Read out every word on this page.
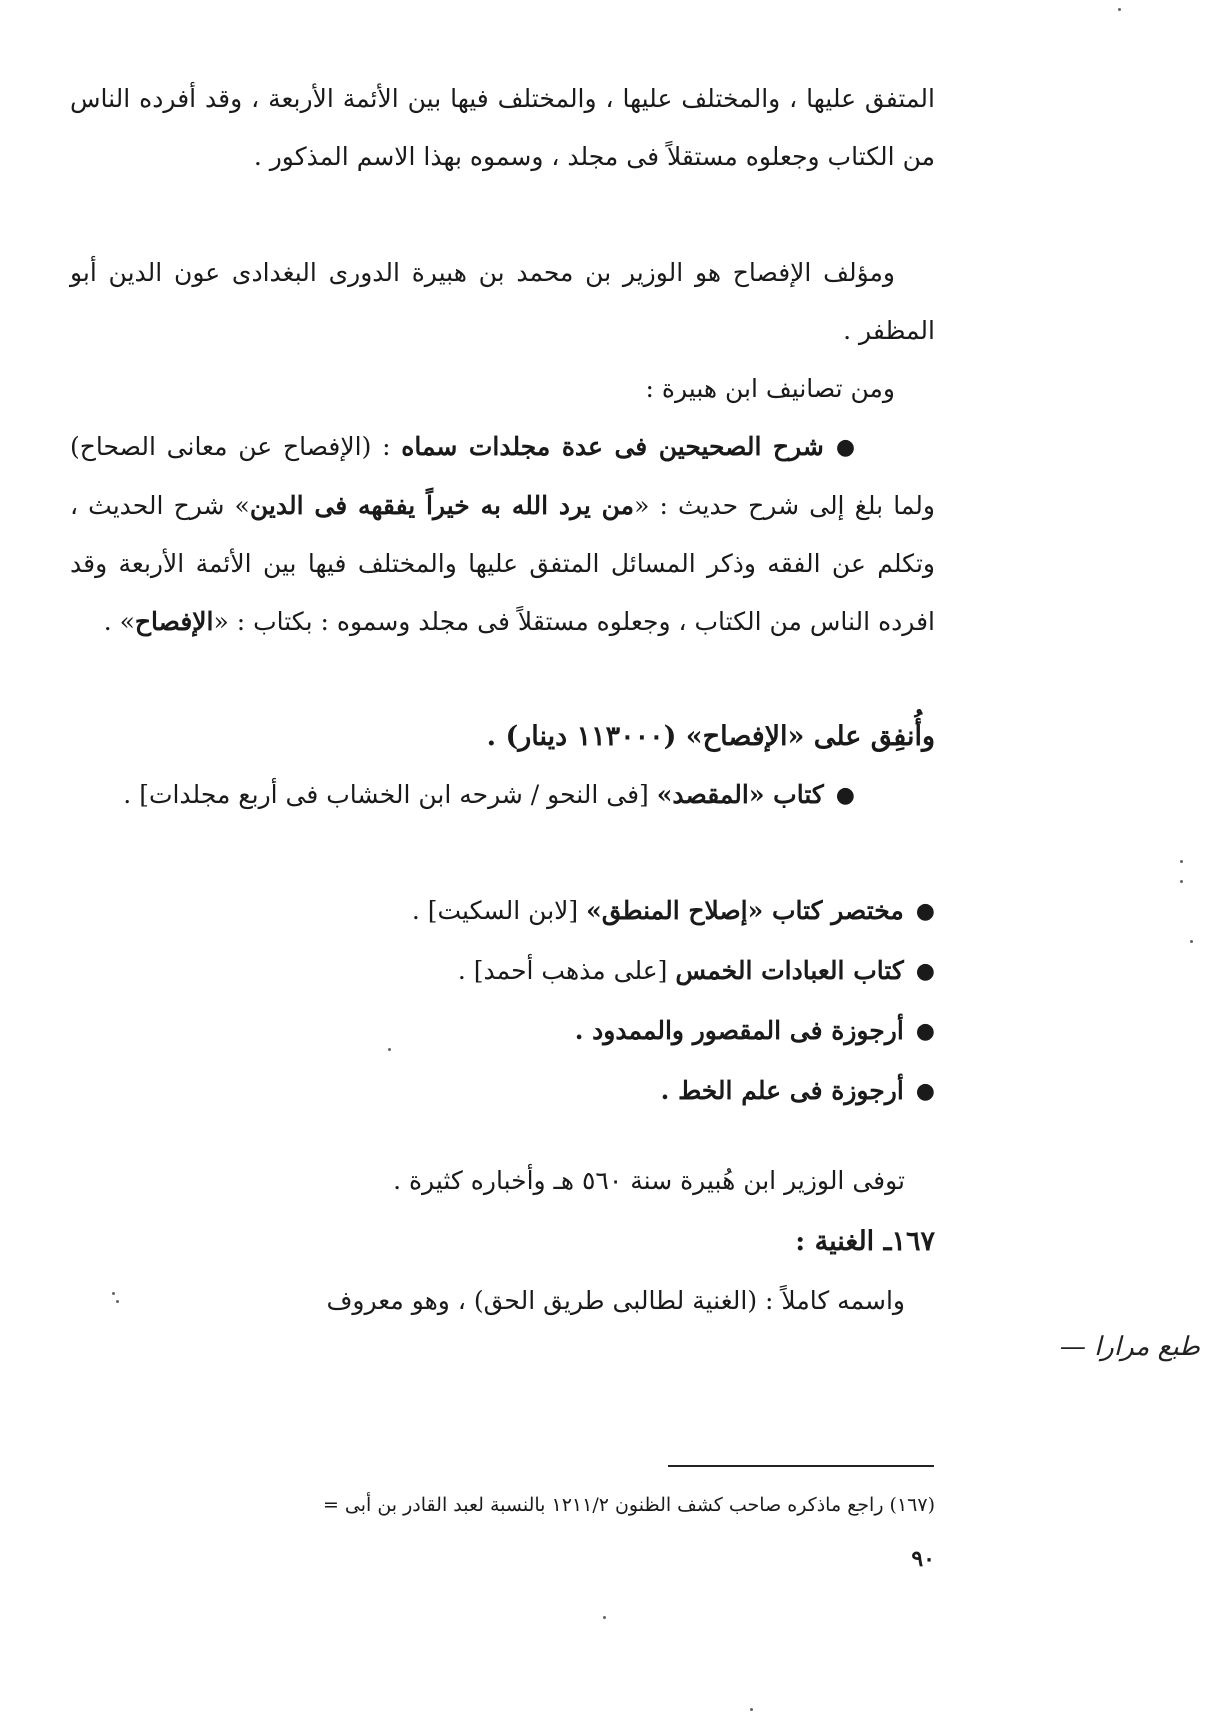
المتفق عليها ، والمختلف عليها ، والمختلف فيها بين الأئمة الأربعة ، وقد أفرده الناس من الكتاب وجعلوه مستقلاً فى مجلد ، وسموه بهذا الاسم المذكور .
ومؤلف الإفصاح هو الوزير بن محمد بن هبيرة الدورى البغدادى عون الدين أبو المظفر .
ومن تصانيف ابن هبيرة :
●شرح الصحيحين فى عدة مجلدات سماه : (الإفصاح عن معانى الصحاح) ولما بلغ إلى شرح حديث : «من يرد الله به خيراً يفقهه فى الدين» شرح الحديث ، وتكلم عن الفقه وذكر المسائل المتفق عليها والمختلف فيها بين الأئمة الأربعة وقد افرده الناس من الكتاب ، وجعلوه مستقلاً فى مجلد وسموه : بكتاب : «الإفصاح» .
وأُنفِق على «الإفصاح» (١١٣٠٠٠ دينار) .
●كتاب «المقصد» [فى النحو / شرحه ابن الخشاب فى أربع مجلدات] .
●مختصر كتاب «إصلاح المنطق» [لابن السكيت] .
●كتاب العبادات الخمس [على مذهب أحمد] .
●أرجوزة فى المقصور والممدود .
●أرجوزة فى علم الخط .
توفى الوزير ابن هُبيرة سنة ٥٦٠ هـ وأخباره كثيرة .
١٦٧ـ الغنية :
واسمه كاملاً : (الغنية لطالبى طريق الحق) ، وهو معروف
طبع مرارا —
(١٦٧) راجع ماذكره صاحب كشف الظنون ١٢١١/٢ بالنسبة لعبد القادر بن أبى =
٩٠
